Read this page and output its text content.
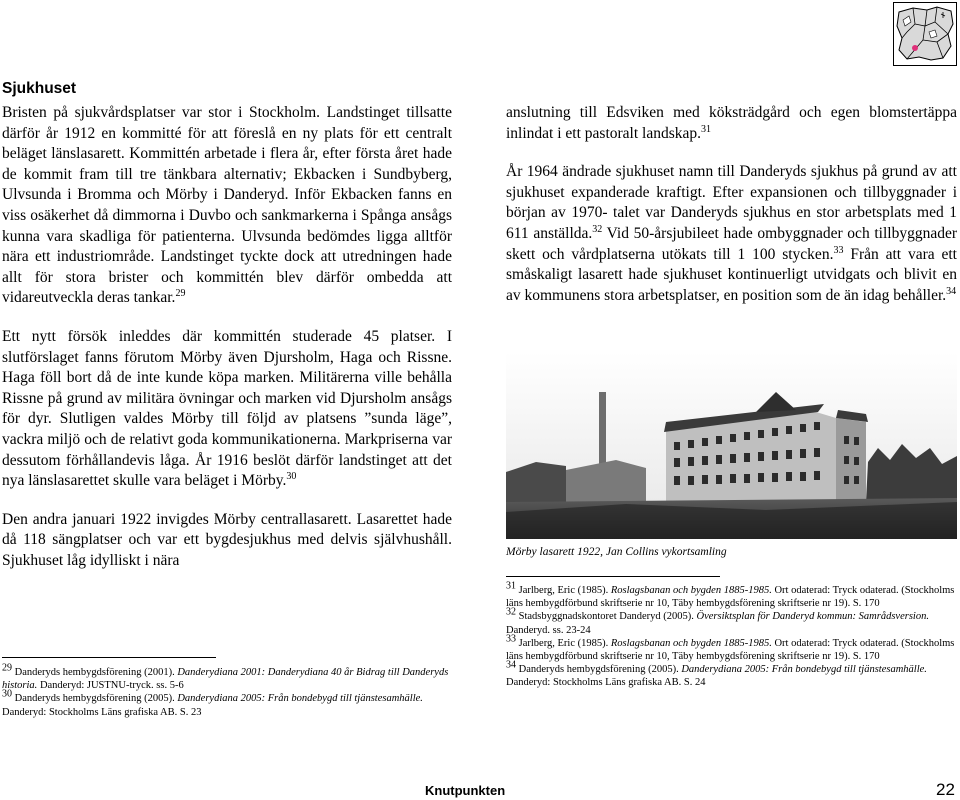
Sjukhuset

Bristen på sjukvårdsplatser var stor i Stockholm. Landstinget tillsatte därför år 1912 en kommitté för att föreslå en ny plats för ett centralt beläget länslasarett. Kommittén arbetade i flera år, efter första året hade de kommit fram till tre tänkbara alternativ; Ekbacken i Sundbyberg, Ulvsunda i Bromma och Mörby i Danderyd. Inför Ekbacken fanns en viss osäkerhet då dimmorna i Duvbo och sankmarkerna i Spånga ansågs kunna vara skadliga för patienterna. Ulvsunda bedömdes ligga alltför nära ett industriområde. Landstinget tyckte dock att utredningen hade allt för stora brister och kommittén blev därför ombedda att vidareutveckla deras tankar.$^{29}$

Ett nytt försök inleddes där kommittén studerade 45 platser. I slutförslaget fanns förutom Mörby även Djursholm, Haga och Rissne. Haga föll bort då de inte kunde köpa marken. Militärerna ville behålla Rissne på grund av militära övningar och marken vid Djursholm ansågs för dyr. Slutligen valdes Mörby till följd av platsens ”sunda läge”, vackra miljö och de relativt goda kommunikationerna. Markpriserna var dessutom förhållandevis låga. År 1916 beslöt därför landstinget att det nya länslasarettet skulle vara beläget i Mörby.$^{30}$

Den andra januari 1922 invigdes Mörby centrallasarett. Lasarettet hade då 118 sängplatser och var ett bygdesjukhus med delvis självhushåll. Sjukhuset låg idylliskt i nära

$^{29}$ Danderyds hembygdsförening (2001). Danderydiana 2001: Danderydiana 40 år Bidrag till Danderyds historia. Danderyd: JUSTNU-tryck. ss. 5-6

$^{30}$ Danderyds hembygdsförening (2005). Danderydiana 2005: Från bondebygd till tjänstesamhälle. Danderyd: Stockholms Läns grafiska AB. S. 23

anslutning till Edsviken med köksträdgård och egen blomstertäppa inlindat i ett pastoralt landskap.$^{31}$

År 1964 ändrade sjukhuset namn till Danderyds sjukhus på grund av att sjukhuset expanderade kraftigt. Efter expansionen och tillbyggnader i början av 1970- talet var Danderyds sjukhus en stor arbetsplats med 1 611 anställda.$^{32}$ Vid 50-årsjubileet hade ombyggnader och tillbyggnader skett och vårdplatserna utökats till 1 100 stycken.$^{33}$ Från att vara ett småskaligt lasarett hade sjukhuset kontinuerligt utvidgats och blivit en av kommunens stora arbetsplatser, en position som de än idag behåller.$^{34}$

Mörby lasarett 1922, Jan Collins vykortsamling

$^{31}$ Jarlberg, Eric (1985). Roslagsbanan och bygden 1885-1985. Ort odaterad: Tryck odaterad. (Stockholms läns hembygdförbund skriftserie nr 10, Täby hembygdsförening skriftserie nr 19). S. 170

$^{32}$ Stadsbyggnadskontoret Danderyd (2005). Översiktsplan för Danderyd kommun: Samrådsversion. Danderyd. ss. 23-24

$^{33}$ Jarlberg, Eric (1985). Roslagsbanan och bygden 1885-1985. Ort odaterad: Tryck odaterad. (Stockholms läns hembygdförbund skriftserie nr 10, Täby hembygdsförening skriftserie nr 19). S. 170

$^{34}$ Danderyds hembygdsförening (2005). Danderydiana 2005: Från bondebygd till tjänstesamhälle. Danderyd: Stockholms Läns grafiska AB. S. 24

Knutpunkten	22
